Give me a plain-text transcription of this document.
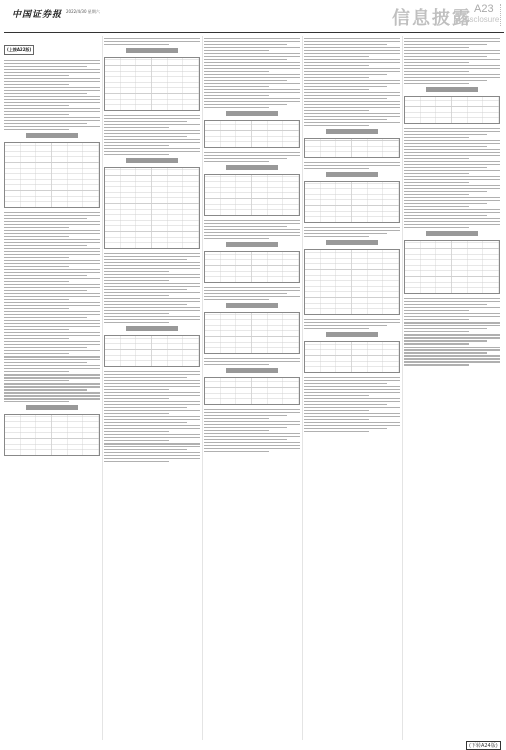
中国证券报 2022/4/30 星期六	信息披露 A23
Disclosure
(上接A22版)
(下转A24版)
